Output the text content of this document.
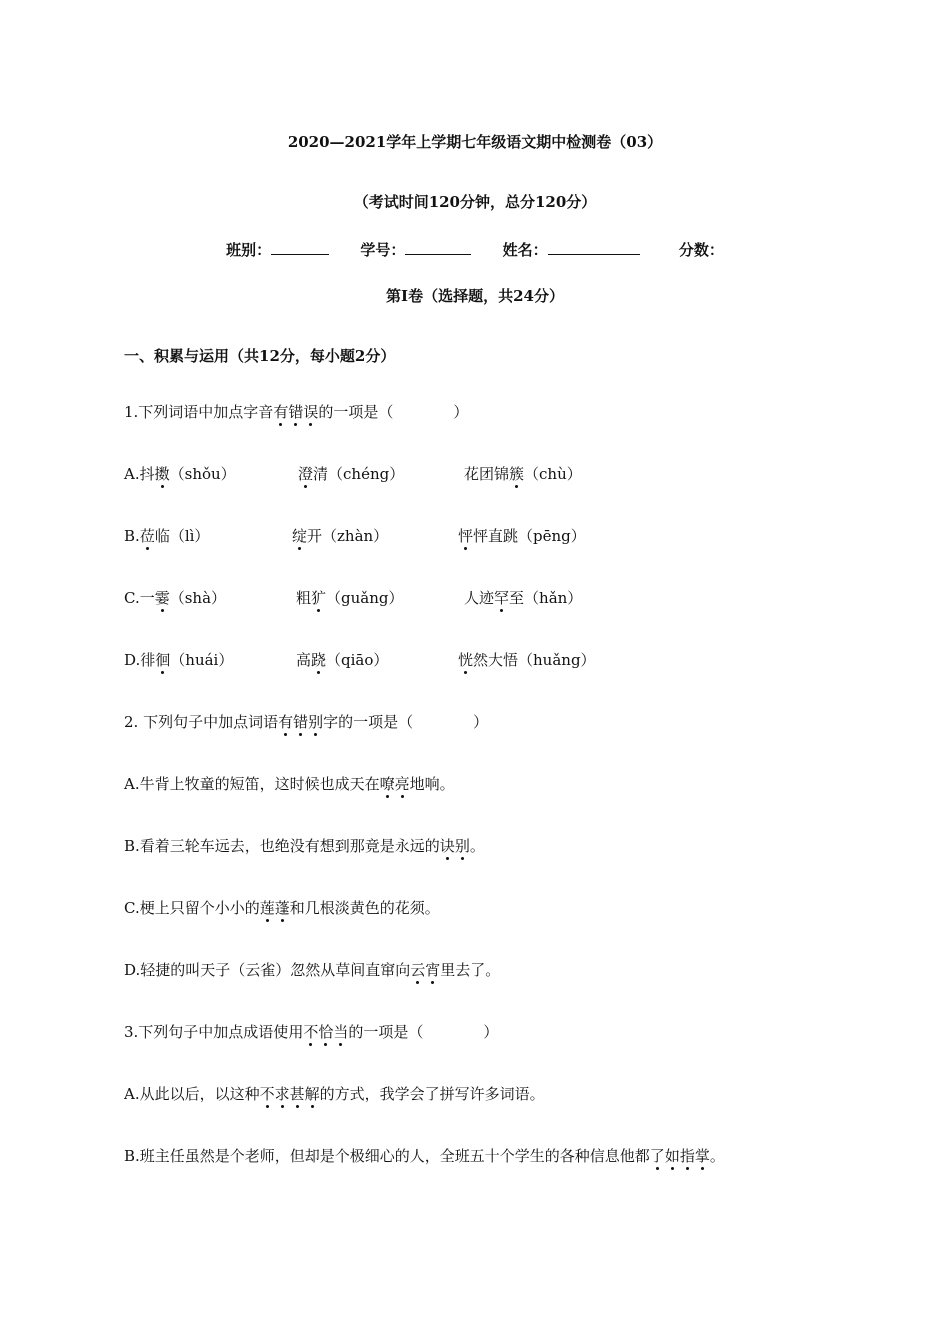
2020—2021学年上学期七年级语文期中检测卷（03）
（考试时间120分钟，总分120分）
班别：	学号：	姓名：	分数：
第Ⅰ卷（选择题，共24分）
一、积累与运用（共12分，每小题2分）
1.下列词语中加点字音有错误的一项是（	）
A.抖擞（shǒu）	澄清（chéng）	花团锦簇（chù）
B.莅临（lì）	绽开（zhàn）	怦怦直跳（pēng）
C.一霎（shà）	粗犷（guǎng）	人迹罕至（hǎn）
D.徘徊（huái）	高跷（qiāo）	恍然大悟（huǎng）
2. 下列句子中加点词语有错别字的一项是（	）
A.牛背上牧童的短笛，这时候也成天在嘹亮地响。
B.看着三轮车远去，也绝没有想到那竟是永远的诀别。
C.梗上只留个小小的莲蓬和几根淡黄色的花须。
D.轻捷的叫天子（云雀）忽然从草间直窜向云宵里去了。
3.下列句子中加点成语使用不恰当的一项是（	）
A.从此以后，以这种不求甚解的方式，我学会了拼写许多词语。
B.班主任虽然是个老师，但却是个极细心的人，全班五十个学生的各种信息他都了如指掌。
